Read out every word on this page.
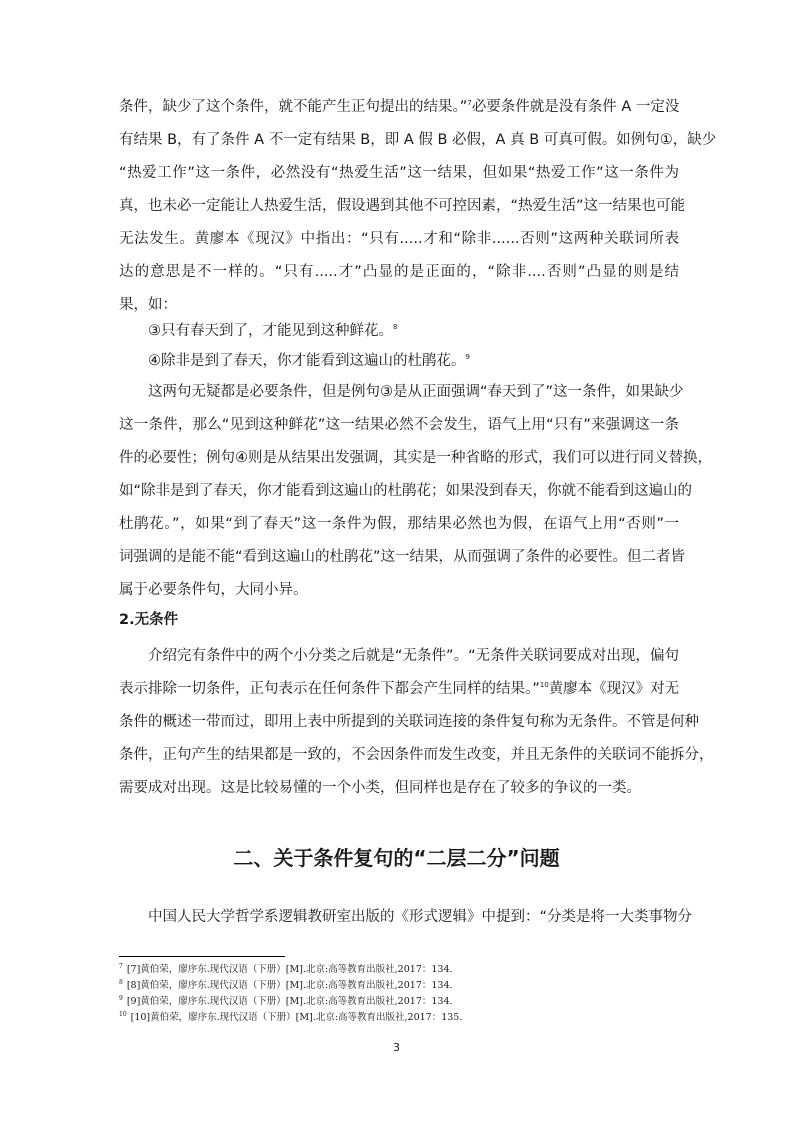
条件，缺少了这个条件，就不能产生正句提出的结果。”$^7$必要条件就是没有条件 A 一定没
有结果 B，有了条件 A 不一定有结果 B，即 A 假 B 必假，A 真 B 可真可假。如例句①，缺少
“热爱工作”这一条件，必然没有“热爱生活”这一结果，但如果“热爱工作”这一条件为
真，也未必一定能让人热爱生活，假设遇到其他不可控因素，“热爱生活”这一结果也可能
无法发生。黄廖本《现汉》中指出：“只有.....才和“除非......否则”这两种关联词所表
达的意思是不一样的。“只有.....才”凸显的是正面的，“除非....否则”凸显的则是结
果，如：
③只有春天到了，才能见到这种鲜花。$^8$
④除非是到了春天，你才能看到这遍山的杜鹃花。$^9$
这两句无疑都是必要条件，但是例句③是从正面强调“春天到了”这一条件，如果缺少
这一条件，那么“见到这种鲜花”这一结果必然不会发生，语气上用“只有”来强调这一条
件的必要性；例句④则是从结果出发强调，其实是一种省略的形式，我们可以进行同义替换，
如“除非是到了春天，你才能看到这遍山的杜鹃花；如果没到春天，你就不能看到这遍山的
杜鹃花。”，如果“到了春天”这一条件为假，那结果必然也为假，在语气上用“否则”一
词强调的是能不能“看到这遍山的杜鹃花”这一结果，从而强调了条件的必要性。但二者皆
属于必要条件句，大同小异。
2.无条件
介绍完有条件中的两个小分类之后就是“无条件”。“无条件关联词要成对出现，偏句
表示排除一切条件，正句表示在任何条件下都会产生同样的结果。”$^{10}$黄廖本《现汉》对无
条件的概述一带而过，即用上表中所提到的关联词连接的条件复句称为无条件。不管是何种
条件，正句产生的结果都是一致的，不会因条件而发生改变，并且无条件的关联词不能拆分，
需要成对出现。这是比较易懂的一个小类，但同样也是存在了较多的争议的一类。
二、关于条件复句的“二层二分”问题
中国人民大学哲学系逻辑教研室出版的《形式逻辑》中提到：“分类是将一大类事物分
$^7$ [7]黄伯荣，廖序东.现代汉语（下册）[M].北京:高等教育出版社,2017：134.
$^8$ [8]黄伯荣，廖序东.现代汉语（下册）[M].北京:高等教育出版社,2017：134.
$^9$ [9]黄伯荣，廖序东.现代汉语（下册）[M].北京:高等教育出版社,2017：134.
$^{10}$ [10]黄伯荣，廖序东.现代汉语（下册）[M].北京:高等教育出版社,2017：135.
3
